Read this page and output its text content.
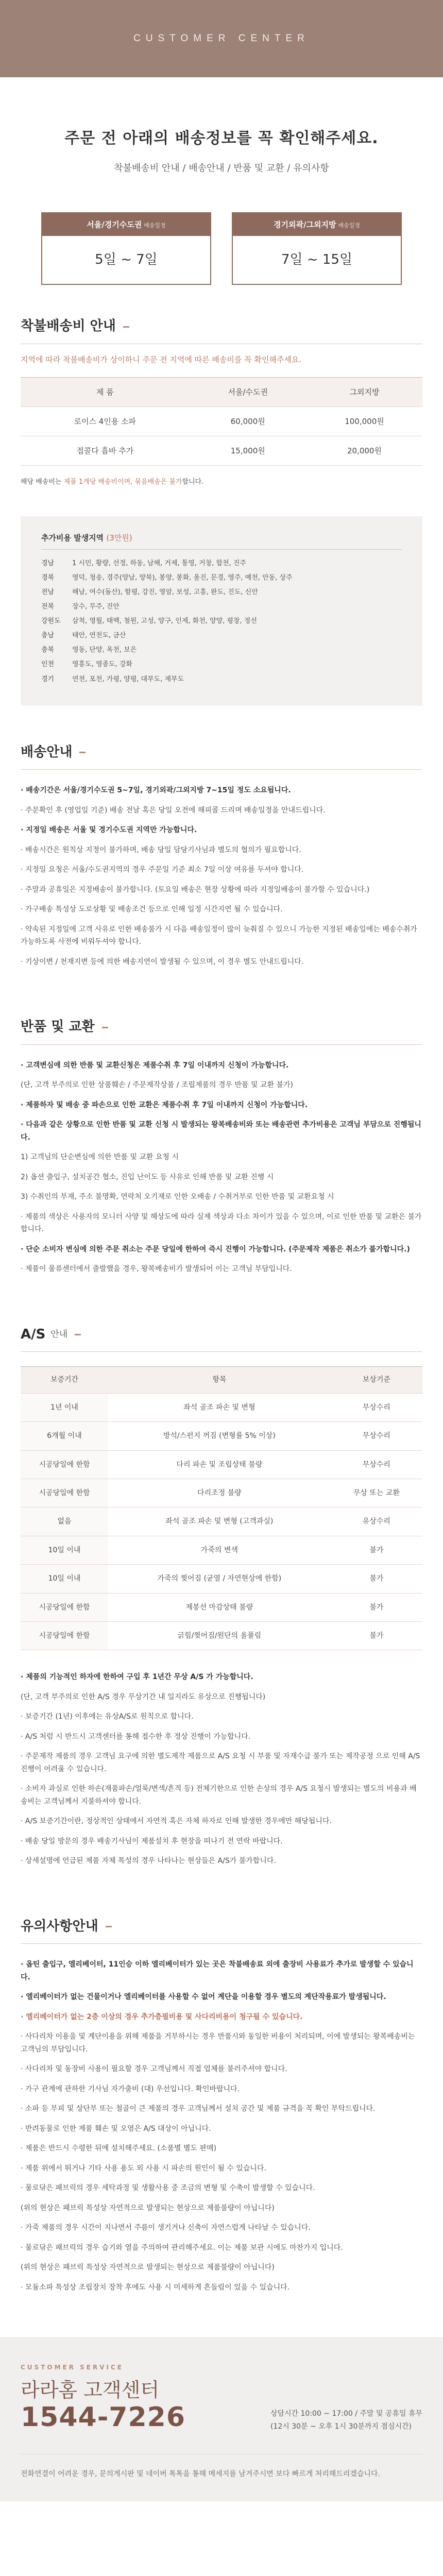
CUSTOMER CENTER
주문 전 아래의 배송정보를 꼭 확인해주세요.

착불배송비 안내 / 배송안내 / 반품 및 교환 / 유의사항

서울/경기수도권 배송일정
5일 ~ 7일
경기외곽/그외지방 배송일정
7일 ~ 15일
착불배송비 안내

지역에 따라 착불배송비가 상이하니 주문 전 지역에 따른 배송비를 꼭 확인해주세요.

제 품	서울/수도권	그외지방
로이스 4인용 소파	60,000원	100,000원
접콜다 흡바 추가	15,000원	20,000원

해당 배송비는 제품 1개당 배송비이며, 묶음배송은 불가합니다.

추가비용 발생지역 (3만원)
경남	1 시민, 황량, 선정, 하동, 남해, 거제, 통영, 거창, 합천, 진주
경북	영덕, 청송, 경주(양남, 양북), 봉양, 봉화, 울진, 문경, 영주, 예천, 안동, 상주
전남	해남, 여수(돌산), 함평, 강진, 영암, 보성, 고흥, 완도, 진도, 신안
전북	장수, 무주, 진안
강원도	삼척, 영월, 태백, 철원, 고성, 양구, 인제, 화천, 양양, 평창, 정선
충남	태안, 연천도, 금산
충북	영동, 단양, 옥천, 보은
인천	영흥도, 영종도, 강화
경기	연천, 포천, 가평, 양평, 대부도, 제부도
배송안내
· 배송기간은 서울/경기수도권 5~7일, 경기외곽/그외지방 7~15일 정도 소요됩니다.
· 주문확인 후 (영업일 기준) 배송 전날 혹은 당일 오전에 해피콜 드리며 배송일정을 안내드립니다.
· 지정일 배송은 서울 및 경기수도권 지역만 가능합니다.
· 배송시간은 원칙상 지정이 불가하며, 배송 당일 담당기사님과 별도의 협의가 필요합니다.
· 지정일 요청은 서울/수도권지역의 경우 주문일 기준 최소 7일 이상 여유를 두셔야 합니다.
· 주말과 공휴일은 지정배송이 불가합니다. (토요일 배송은 현장 상황에 따라 지정일배송이 불가할 수 있습니다.)
· 가구배송 특성상 도로상황 및 배송조건 등으로 인해 일정 시간지연 될 수 있습니다.
· 약속된 지정일에 고객 사유로 인한 배송불가 시 다음 배송일정이 많이 늦춰질 수 있으니 가능한 지정된 배송일에는 배송수취가 가능하도록 사전에 비워두셔야 합니다.
· 기상이변 / 천재지변 등에 의한 배송지연이 발생될 수 있으며, 이 경우 별도 안내드립니다.
반품 및 교환
· 고객변심에 의한 반품 및 교환신청은 제품수취 후 7일 이내까지 신청이 가능합니다.
(단, 고객 부주의로 인한 상품훼손 / 주문제작상품 / 조립제품의 경우 반품 및 교환 불가)
· 제품하자 및 배송 중 파손으로 인한 교환은 제품수취 후 7일 이내까지 신청이 가능합니다.
· 다음과 같은 상황으로 인한 반품 및 교환 신청 시 발생되는 왕복배송비와 또는 배송관련 추가비용은 고객님 부담으로 진행됩니다.
1) 고객님의 단순변심에 의한 반품 및 교환 요청 시
2) 옵션 출입구, 설치공간 협소, 진입 난이도 등 사유로 인해 반품 및 교환 진행 시
3) 수취인의 부재, 주소 불명확, 연락처 오기재로 인한 오배송 / 수취거부로 인한 반품 및 교환요청 시
· 제품의 색상은 사용자의 모니터 사양 및 해상도에 따라 실제 색상과 다소 차이가 있을 수 있으며, 이로 인한 반품 및 교환은 불가합니다.
· 단순 소비자 변심에 의한 주문 취소는 주문 당일에 한하여 즉시 진행이 가능합니다. (주문제작 제품은 취소가 불가합니다.)
· 제품이 물류센터에서 출발했을 경우, 왕복배송비가 발생되어 이는 고객님 부담입니다.
A/S 안내
보증기간	항목	보상기준
1년 이내	좌석 골조 파손 및 변형	무상수리
6개월 이내	방석/스펀지 꺼짐 (변형률 5% 이상)	무상수리
시공당일에 한함	다리 파손 및 조립상태 불량	무상수리
시공당일에 한함	다리조정 불량	무상 또는 교환
없음	좌석 골조 파손 및 변형 (고객과실)	유상수리
10일 이내	가죽의 변색	불가
10일 이내	가죽의 찢어짐 (균열 / 자연현상에 한함)	불가
시공당일에 한함	제봉선 마감상태 불량	불가
시공당일에 한함	긁힘/찢어짐/원단의 올풀림	불가
· 제품의 기능적인 하자에 한하여 구입 후 1년간 무상 A/S 가 가능합니다.
(단, 고객 부주의로 인한 A/S 경우 무상기간 내 일지라도 유상으로 진행됩니다)
· 보증기간 (1년) 이후에는 유상A/S로 원칙으로 합니다.
· A/S 처럼 시 반드시 고객센터를 통해 접수한 후 정상 진행이 가능합니다.
· 주문제작 제품의 경우 고객님 요구에 의한 별도제작 제품으로 A/S 요청 시 부품 및 자재수급 불가 또는 제작공정 으로 인해 A/S 진행이 어려울 수 있습니다.
· 소비자 과실로 인한 하손(재품파손/얼룩/변색/흔적 등) 전체기한으로 인한 손상의 경우 A/S 요청시 발생되는 별도의 비용과 배송비는 고객님께서 지불하셔야 합니다.
· A/S 보증기간이란, 정상적인 상태에서 자연적 혹은 자체 하자로 인해 발생한 경우에만 해당됩니다.
· 배송 당일 방문의 경우 배송기사님이 제품설치 후 현장을 떠나기 전 연락 바랍니다.
· 상세설명에 언급된 제품 자체 특성의 경우 나타나는 현상들은 A/S가 불가합니다.
유의사항안내
· 옵틴 출입구, 엘리베이터, 11인승 이하 엘리베이터가 있는 곳은 착불배송료 외에 출장비 사용료가 추가로 발생할 수 있습니다.
· 엘리베이터가 없는 건물이거나 엘리베이터를 사용할 수 없어 계단을 이용할 경우 별도의 계단작용료가 발생됩니다.
· 엘리베이터가 없는 2층 이상의 경우 추가층필비용 및 사다리비용이 청구될 수 있습니다.
· 사다리차 이용을 및 계단이용을 위해 제품을 거부하시는 경우 반품시와 동일한 비용이 처리되며, 이에 발생되는 왕복배송비는 고객님의 부담입니다.
· 사다리차 및 동장비 사용이 필요할 경우 고객님께서 직접 업체를 불러주셔야 합니다.
· 가구 관계에 관하한 기사님 자가출비 (대) 우선입니다. 확인바랍니다.
· 소파 등 부피 및 상단부 또는 철골이 큰 제품의 경우 고객님께서 설치 공간 및 제품 규격을 꼭 확인 부탁드립니다.
· 반려동물로 인한 제품 훼손 및 오염은 A/S 대상이 아닙니다.
· 제품은 반드시 수령한 뒤에 설치해주세요. (소품별 별도 판매)
· 제품 위에서 뛰거나 기타 사용 용도 외 사용 시 파손의 원인이 될 수 있습니다.
· 물로닦은 패브릭의 경우 세탁과정 및 생활사용 중 조금의 변형 및 수축이 발생할 수 있습니다.
(위의 현상은 패브릭 특성상 자연적으로 발생되는 현상으로 제품불량이 아닙니다)
· 가죽 제품의 경우 시간이 지나면서 주름이 생기거나 신축이 자연스럽게 나타날 수 있습니다.
· 물로닦은 패브릭의 경우 습기와 열을 주의하여 관리해주세요. 이는 제품 보관 시에도 마찬가지 입니다.
(위의 현상은 패브릭 특성상 자연적으로 발생되는 현상으로 제품불량이 아닙니다)
· 모듈소파 특성상 조립장치 장착 후에도 사용 시 미세하게 흔들림이 있을 수 있습니다.
CUSTOMER SERVICE
라라홈 고객센터
1544-7226	상담시간 10:00 ~ 17:00 / 주말 및 공휴일 휴무
(12시 30분 ~ 오후 1시 30분까지 점심시간)
전화연결이 어려운 경우, 문의게시판 및 네이버 톡톡을 통해 메세지를 남겨주시면 보다 빠르게 처리해드리겠습니다.
